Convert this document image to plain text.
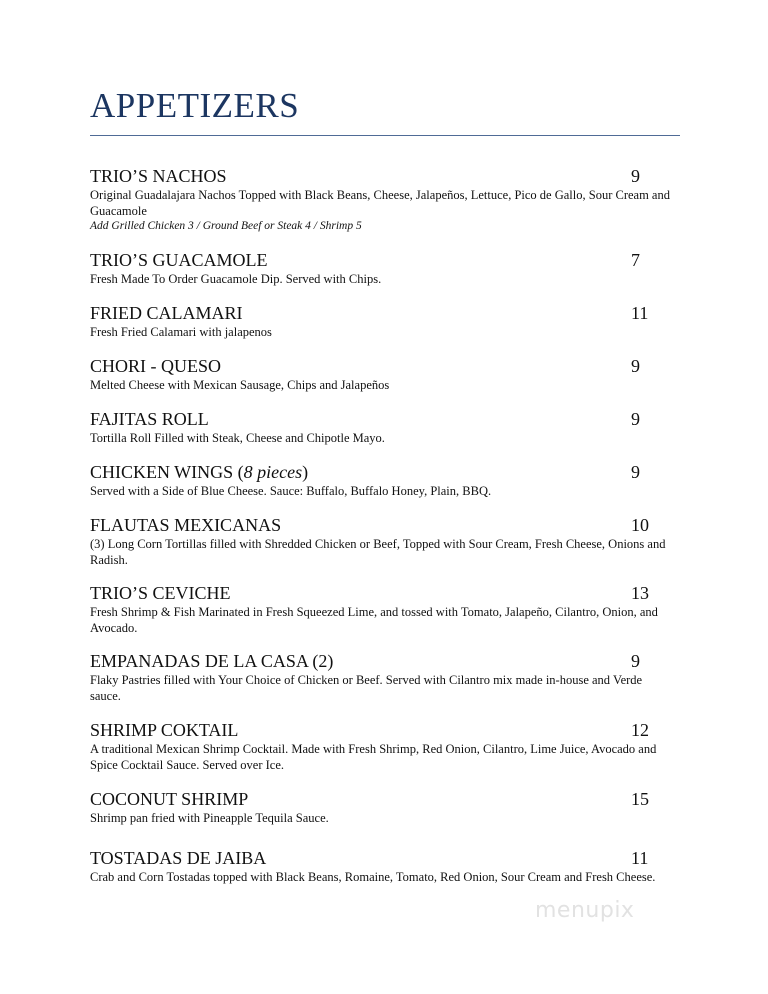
APPETIZERS
TRIO’S NACHOS	9
Original Guadalajara Nachos Topped with Black Beans, Cheese, Jalapeños, Lettuce, Pico de Gallo, Sour Cream and Guacamole
Add Grilled Chicken 3 / Ground Beef or Steak 4 / Shrimp 5
TRIO’S GUACAMOLE	7
Fresh Made To Order Guacamole Dip. Served with Chips.
FRIED CALAMARI	11
Fresh Fried Calamari with jalapenos
CHORI - QUESO	9
Melted Cheese with Mexican Sausage, Chips and Jalapeños
FAJITAS ROLL	9
Tortilla Roll Filled with Steak, Cheese and Chipotle Mayo.
CHICKEN WINGS (8 pieces)	9
Served with a Side of Blue Cheese. Sauce: Buffalo, Buffalo Honey, Plain, BBQ.
FLAUTAS MEXICANAS	10
(3) Long Corn Tortillas filled with Shredded Chicken or Beef, Topped with Sour Cream, Fresh Cheese, Onions and Radish.
TRIO’S CEVICHE	13
Fresh Shrimp & Fish Marinated in Fresh Squeezed Lime, and tossed with Tomato, Jalapeño, Cilantro, Onion, and Avocado.
EMPANADAS DE LA CASA (2)	9
Flaky Pastries filled with Your Choice of Chicken or Beef. Served with Cilantro mix made in-house and Verde sauce.
SHRIMP COKTAIL	12
A traditional Mexican Shrimp Cocktail. Made with Fresh Shrimp, Red Onion, Cilantro, Lime Juice, Avocado and Spice Cocktail Sauce. Served over Ice.
COCONUT SHRIMP	15
Shrimp pan fried with Pineapple Tequila Sauce.
TOSTADAS DE JAIBA	11
Crab and Corn Tostadas topped with Black Beans, Romaine, Tomato, Red Onion, Sour Cream and Fresh Cheese.
menupix
